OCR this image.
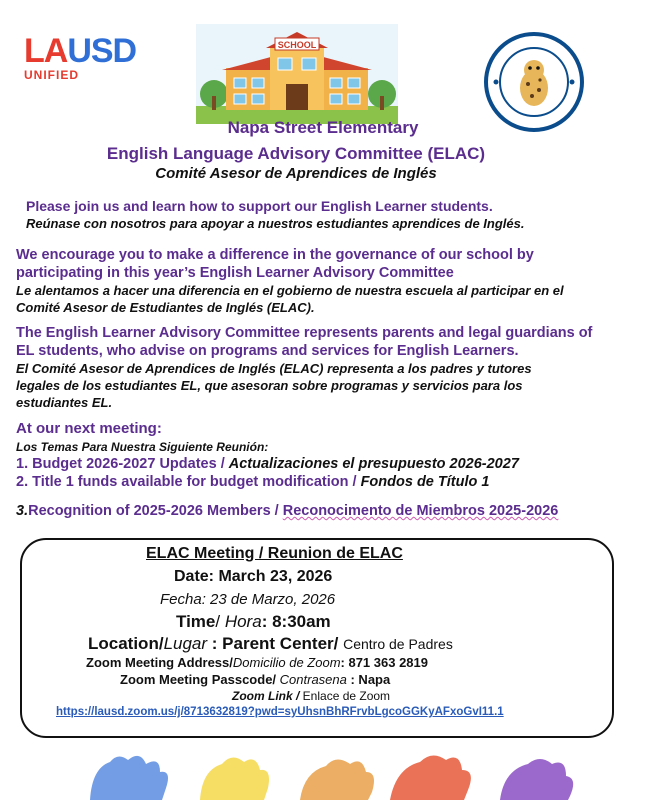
LAUSD
UNIFIED
SCHOOL
Napa Street Elementary
English Language Advisory Committee (ELAC)
Comité Asesor de Aprendices de Inglés
Please join us and learn how to support our English Learner students.
Reúnase con nosotros para apoyar a nuestros estudiantes aprendices de Inglés.
We encourage you to make a difference in the governance of our school by
participating in this year’s English Learner Advisory Committee
Le alentamos a hacer una diferencia en el gobierno de nuestra escuela al participar en el
Comité Asesor de Estudiantes de Inglés (ELAC).
The English Learner Advisory Committee represents parents and legal guardians of
EL students, who advise on programs and services for English Learners.
El Comité Asesor de Aprendices de Inglés (ELAC) representa a los padres y tutores
legales de los estudiantes EL, que asesoran sobre programas y servicios para los
estudiantes EL.
At our next meeting:
Los Temas Para Nuestra Siguiente Reunión:
1. Budget 2026-2027 Updates / Actualizaciones el presupuesto 2026-2027
2. Title 1 funds available for budget modification / Fondos de Título 1
3.Recognition of 2025-2026 Members / Reconocimento de Miembros 2025-2026
ELAC Meeting / Reunion de ELAC
Date: March 23, 2026
Fecha: 23 de Marzo, 2026
Time/ Hora: 8:30am
Location/Lugar : Parent Center/ Centro de Padres
Zoom Meeting Address/Domicilio de Zoom: 871 363 2819
Zoom Meeting Passcode/ Contrasena : Napa
Zoom Link / Enlace de Zoom
https://lausd.zoom.us/j/8713632819?pwd=syUhsnBhRFrvbLgcoGGKyAFxoGvI11.1
